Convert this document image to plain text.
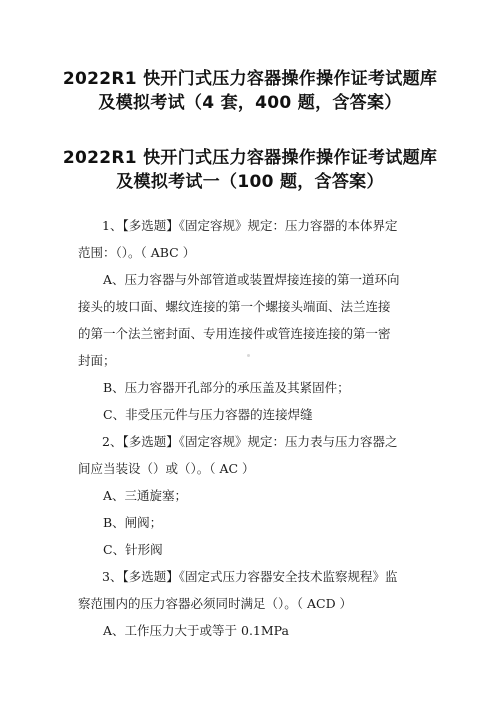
2022R1 快开门式压力容器操作操作证考试题库
及模拟考试（4 套，400 题，含答案）
2022R1 快开门式压力容器操作操作证考试题库
及模拟考试一（100 题，含答案）
1、【多选题】《固定容规》规定：压力容器的本体界定
范围：（）。（ ABC ）
A、压力容器与外部管道或装置焊接连接的第一道环向
接头的坡口面、螺纹连接的第一个螺接头端面、法兰连接
的第一个法兰密封面、专用连接件或管连接连接的第一密
封面；
B、压力容器开孔部分的承压盖及其紧固件；
C、非受压元件与压力容器的连接焊缝
2、【多选题】《固定容规》规定：压力表与压力容器之
间应当装设（）或（）。（ AC ）
A、三通旋塞；
B、闸阀；
C、针形阀
3、【多选题】《固定式压力容器安全技术监察规程》监
察范围内的压力容器必须同时满足（）。（ ACD ）
A、工作压力大于或等于 0.1MPa
